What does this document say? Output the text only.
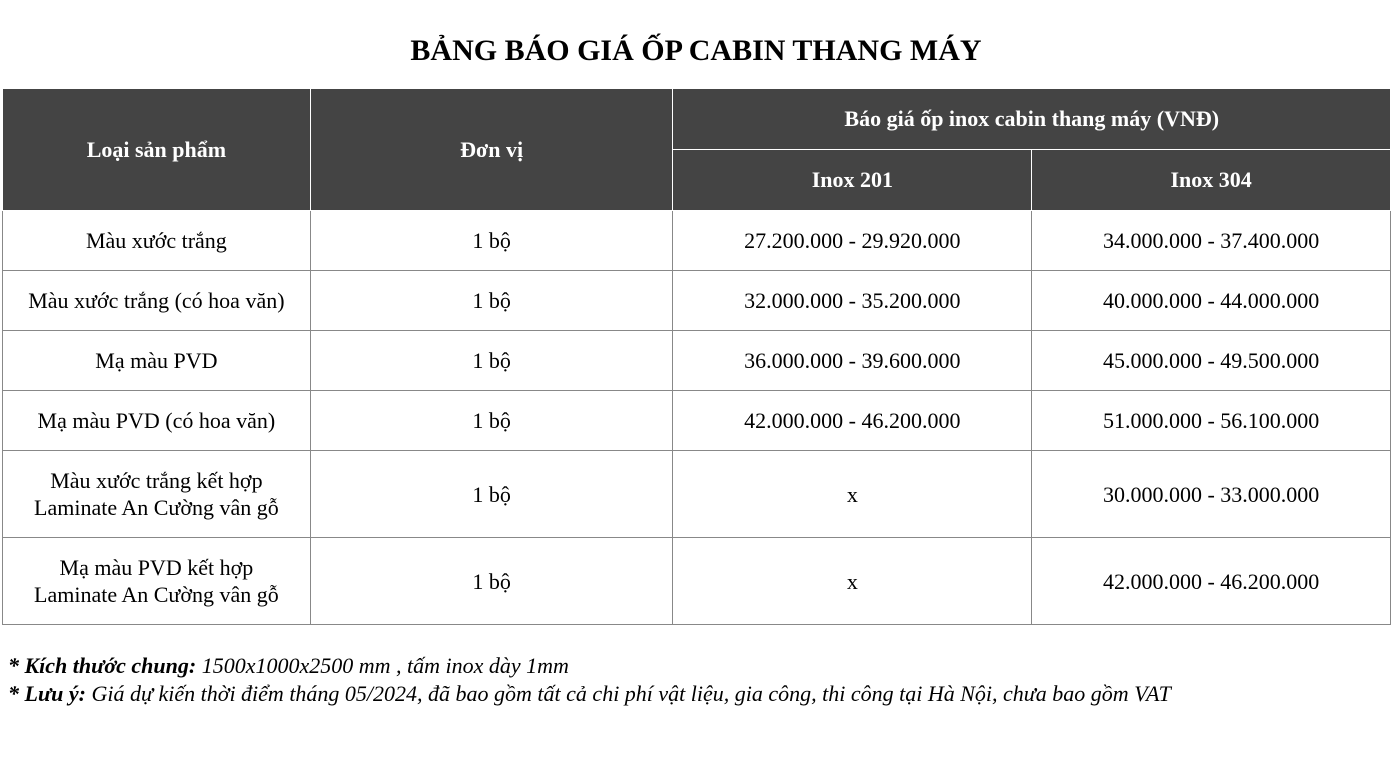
BẢNG BÁO GIÁ ỐP CABIN THANG MÁY
Loại sản phẩm	Đơn vị	Báo giá ốp inox cabin thang máy (VNĐ)	
		Inox 201	Inox 304
Màu xước trắng	1 bộ	27.200.000 - 29.920.000	34.000.000 - 37.400.000
Màu xước trắng (có hoa văn)	1 bộ	32.000.000 - 35.200.000	40.000.000 - 44.000.000
Mạ màu PVD	1 bộ	36.000.000 - 39.600.000	45.000.000 - 49.500.000
Mạ màu PVD (có hoa văn)	1 bộ	42.000.000 - 46.200.000	51.000.000 - 56.100.000
Màu xước trắng kết hợp
Laminate An Cường vân gỗ	1 bộ	x	30.000.000 - 33.000.000
Mạ màu PVD kết hợp
Laminate An Cường vân gỗ	1 bộ	x	42.000.000 - 46.200.000
* Kích thước chung: 1500x1000x2500 mm , tấm inox dày 1mm
* Lưu ý: Giá dự kiến thời điểm tháng 05/2024, đã bao gồm tất cả chi phí vật liệu, gia công, thi công tại Hà Nội, chưa bao gồm VAT
